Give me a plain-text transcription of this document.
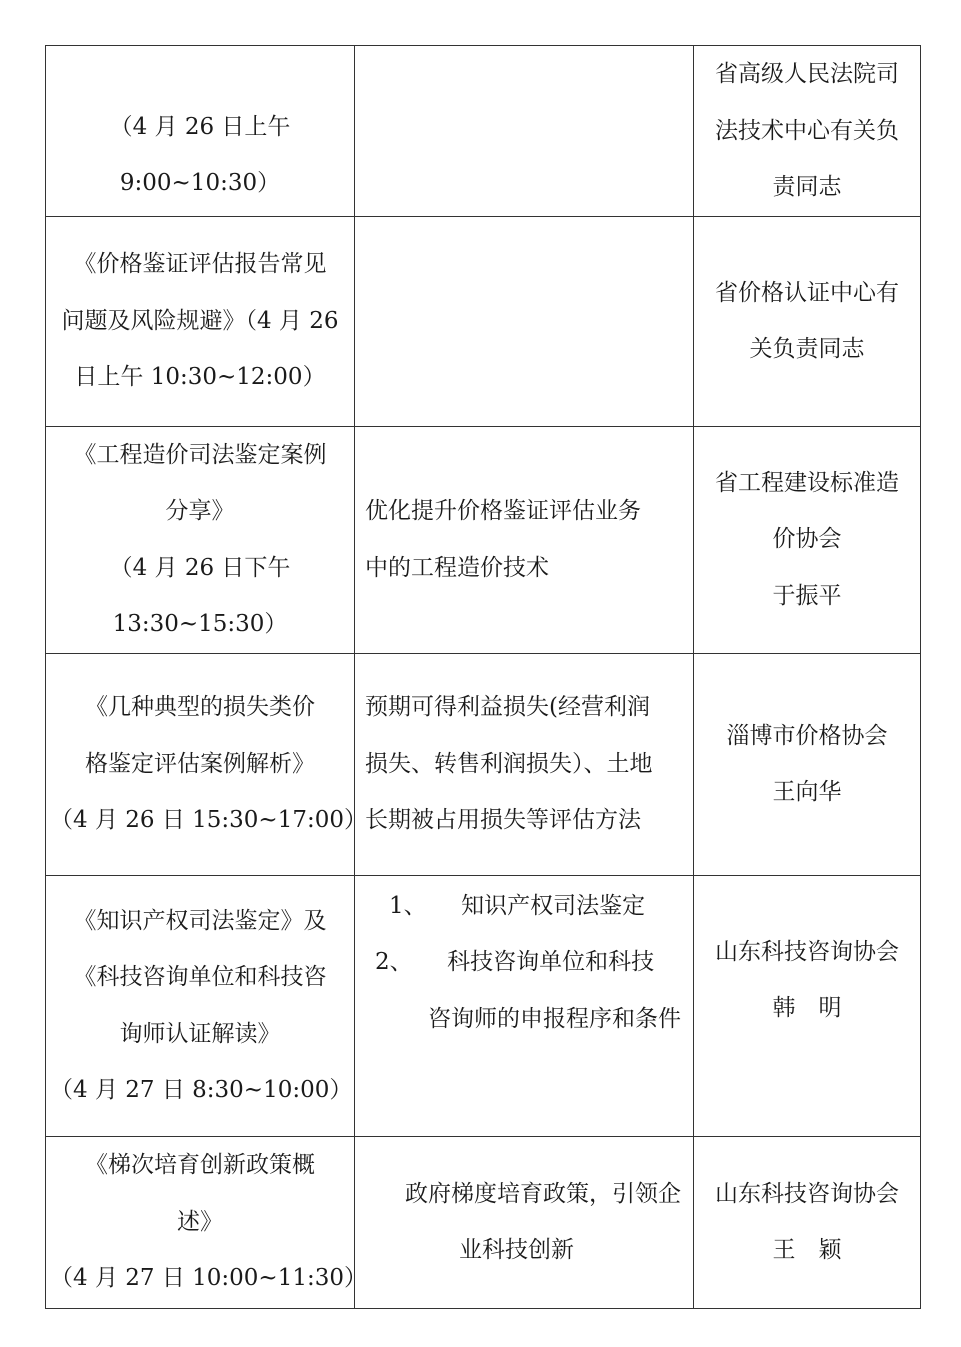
（4 月 26 日上午
9:00~10:30）		省高级人民法院司
法技术中心有关负
责同志

《价格鉴证评估报告常见
问题及风险规避》（4 月 26
日上午 10:30~12:00）		省价格认证中心有
关负责同志

《工程造价司法鉴定案例
分享》
（4 月 26 日下午
13:30~15:30）	优化提升价格鉴证评估业务
中的工程造价技术	省工程建设标准造
价协会
于振平

《几种典型的损失类价
格鉴定评估案例解析》
（4 月 26 日 15:30~17:00）	预期可得利益损失(经营利润
损失、转售利润损失）、土地
长期被占用损失等评估方法	淄博市价格协会
王向华

《知识产权司法鉴定》及
《科技咨询单位和科技咨
询师认证解读》
（4 月 27 日 8:30~10:00）	1、　　知识产权司法鉴定
2、　　科技咨询单位和科技
咨询师的申报程序和条件	山东科技咨询协会
韩　明

《梯次培育创新政策概
述》
（4 月 27 日 10:00~11:30）	政府梯度培育政策，引领企
业科技创新	山东科技咨询协会
王　颖
